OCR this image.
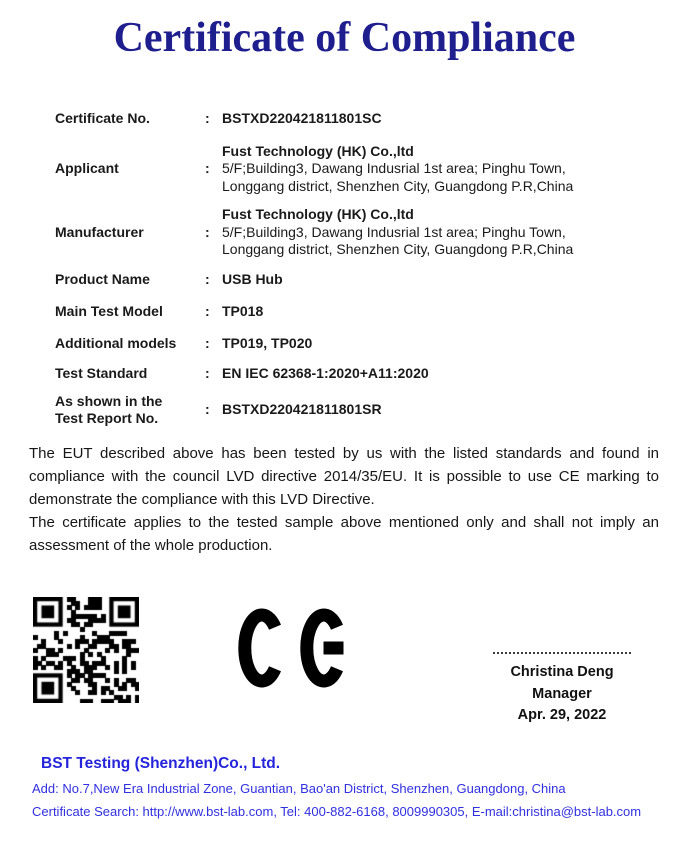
Certificate of Compliance
Certificate No.	: BSTXD220421811801SC
Applicant	:
Fust Technology (HK) Co.,ltd
5/F;Building3, Dawang Indusrial 1st area; Pinghu Town,
Longgang district, Shenzhen City, Guangdong P.R,China
Manufacturer	:
Fust Technology (HK) Co.,ltd
5/F;Building3, Dawang Indusrial 1st area; Pinghu Town,
Longgang district, Shenzhen City, Guangdong P.R,China
Product Name	: USB Hub
Main Test Model	: TP018
Additional models	: TP019, TP020
Test Standard	: EN IEC 62368-1:2020+A11:2020
As shown in the
Test Report No.
: BSTXD220421811801SR

The EUT described above has been tested by us with the listed standards and found in compliance with the council LVD directive 2014/35/EU. It is possible to use CE marking to demonstrate the compliance with this LVD Directive.

The certificate applies to the tested sample above mentioned only and shall not imply an assessment of the whole production.

Christina Deng
Manager
Apr. 29, 2022
BST Testing (Shenzhen)Co., Ltd.
Add: No.7,New Era Industrial Zone, Guantian, Bao'an District, Shenzhen, Guangdong, China
Certificate Search: http://www.bst-lab.com, Tel: 400-882-6168, 8009990305, E-mail:christina@bst-lab.com
